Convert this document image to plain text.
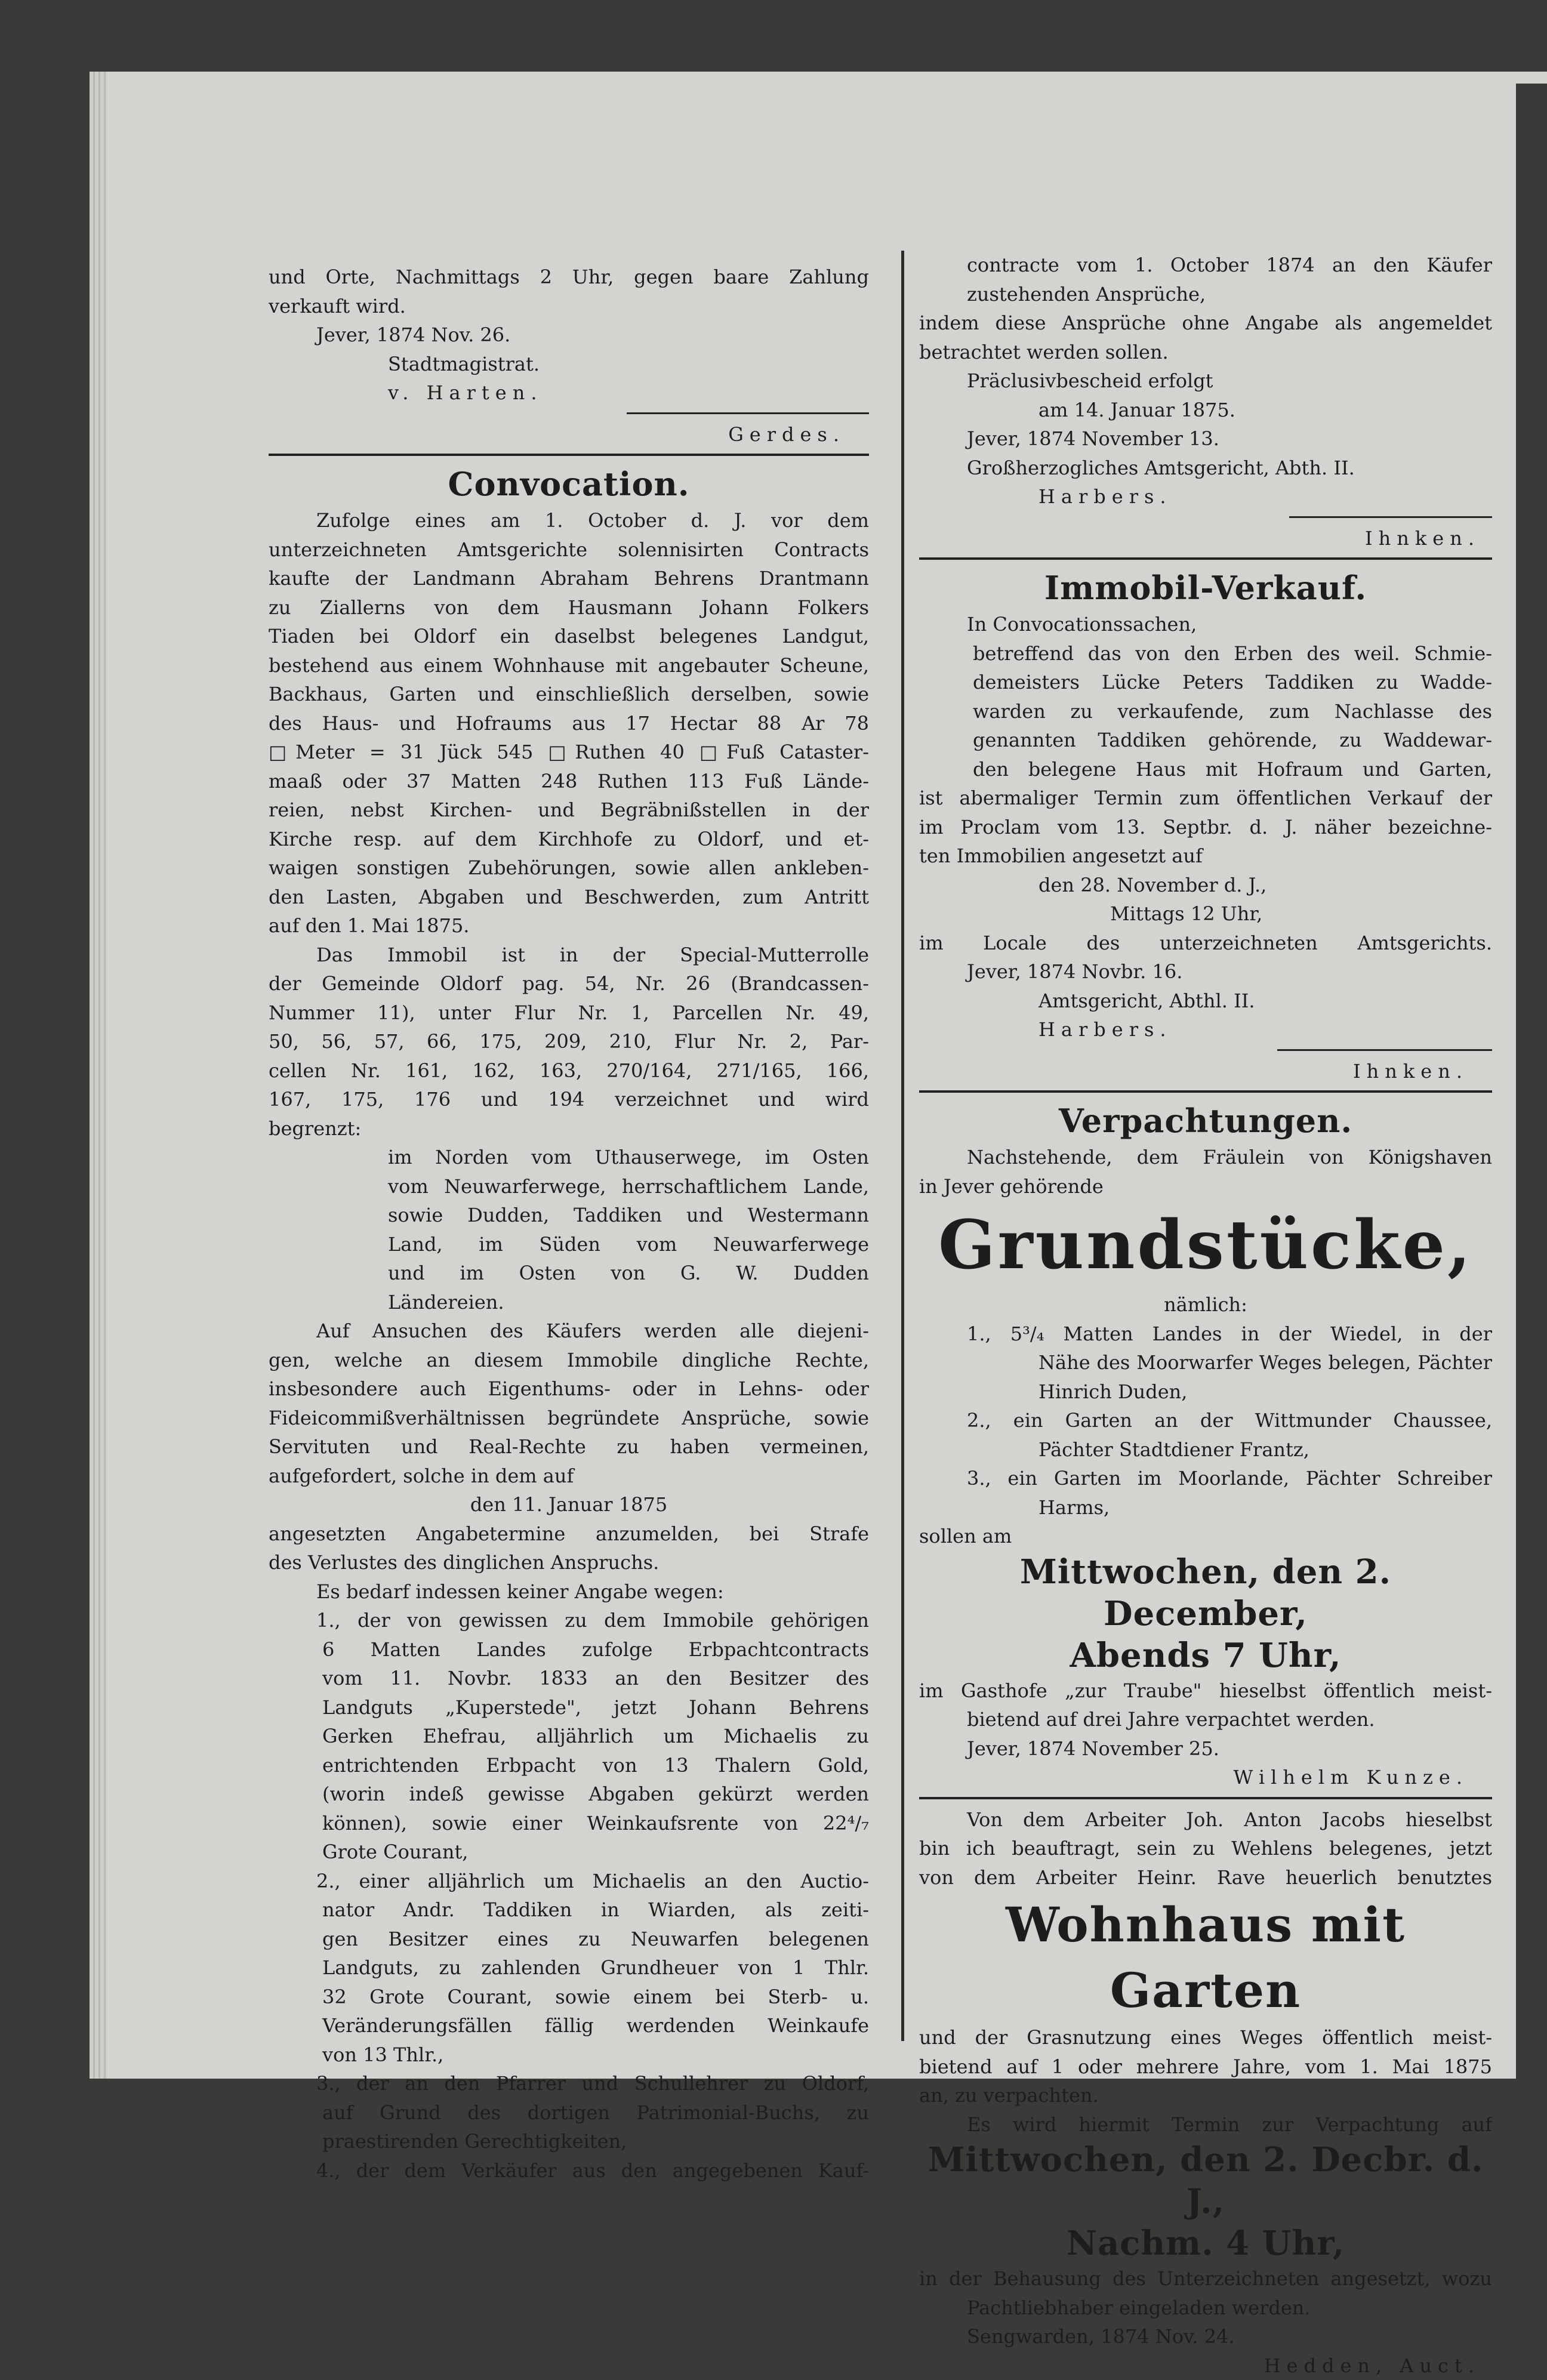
und Orte, Nachmittags 2 Uhr, gegen baare Zahlung
verkauft wird.
Jever, 1874 Nov. 26.
Stadtmagistrat.
v. Harten.
Gerdes.
Convocation.
Zufolge eines am 1. October d. J. vor dem
unterzeichneten Amtsgerichte solennisirten Contracts
kaufte der Landmann Abraham Behrens Drantmann
zu Ziallerns von dem Hausmann Johann Folkers
Tiaden bei Oldorf ein daselbst belegenes Landgut,
bestehend aus einem Wohnhause mit angebauter Scheune,
Backhaus, Garten und einschließlich derselben, sowie
des Haus- und Hofraums aus 17 Hectar 88 Ar 78
□Meter = 31 Jück 545 □Ruthen 40 □Fuß Cataster-
maaß oder 37 Matten 248 Ruthen 113 Fuß Lände-
reien, nebst Kirchen- und Begräbnißstellen in der
Kirche resp. auf dem Kirchhofe zu Oldorf, und et-
waigen sonstigen Zubehörungen, sowie allen ankleben-
den Lasten, Abgaben und Beschwerden, zum Antritt
auf den 1. Mai 1875.
Das Immobil ist in der Special-Mutterrolle
der Gemeinde Oldorf pag. 54, Nr. 26 (Brandcassen-
Nummer 11), unter Flur Nr. 1, Parcellen Nr. 49,
50, 56, 57, 66, 175, 209, 210, Flur Nr. 2, Par-
cellen Nr. 161, 162, 163, 270/164, 271/165, 166,
167, 175, 176 und 194 verzeichnet und wird
begrenzt:
im Norden vom Uthauserwege, im Osten
vom Neuwarferwege, herrschaftlichem Lande,
sowie Dudden, Taddiken und Westermann
Land, im Süden vom Neuwarferwege
und im Osten von G. W. Dudden
Ländereien.
Auf Ansuchen des Käufers werden alle diejeni-
gen, welche an diesem Immobile dingliche Rechte,
insbesondere auch Eigenthums- oder in Lehns- oder
Fideicommißverhältnissen begründete Ansprüche, sowie
Servituten und Real-Rechte zu haben vermeinen,
aufgefordert, solche in dem auf
den 11. Januar 1875
angesetzten Angabetermine anzumelden, bei Strafe
des Verlustes des dinglichen Anspruchs.
Es bedarf indessen keiner Angabe wegen:
1., der von gewissen zu dem Immobile gehörigen
6 Matten Landes zufolge Erbpachtcontracts
vom 11. Novbr. 1833 an den Besitzer des
Landguts „Kuperstede", jetzt Johann Behrens
Gerken Ehefrau, alljährlich um Michaelis zu
entrichtenden Erbpacht von 13 Thalern Gold,
(worin indeß gewisse Abgaben gekürzt werden
können), sowie einer Weinkaufsrente von 22⁴/₇
Grote Courant,
2., einer alljährlich um Michaelis an den Auctio-
nator Andr. Taddiken in Wiarden, als zeiti-
gen Besitzer eines zu Neuwarfen belegenen
Landguts, zu zahlenden Grundheuer von 1 Thlr.
32 Grote Courant, sowie einem bei Sterb- u.
Veränderungsfällen fällig werdenden Weinkaufe
von 13 Thlr.,
3., der an den Pfarrer und Schullehrer zu Oldorf,
auf Grund des dortigen Patrimonial-Buchs, zu
praestirenden Gerechtigkeiten,
4., der dem Verkäufer aus den angegebenen Kauf-
contracte vom 1. October 1874 an den Käufer
zustehenden Ansprüche,
indem diese Ansprüche ohne Angabe als angemeldet
betrachtet werden sollen.
Präclusivbescheid erfolgt
am 14. Januar 1875.
Jever, 1874 November 13.
Großherzogliches Amtsgericht, Abth. II.
Harbers.
Ihnken.
Immobil-Verkauf.
In Convocationssachen,
betreffend das von den Erben des weil. Schmie-
demeisters Lücke Peters Taddiken zu Wadde-
warden zu verkaufende, zum Nachlasse des
genannten Taddiken gehörende, zu Waddewar-
den belegene Haus mit Hofraum und Garten,
ist abermaliger Termin zum öffentlichen Verkauf der
im Proclam vom 13. Septbr. d. J. näher bezeichne-
ten Immobilien angesetzt auf
den 28. November d. J.,
Mittags 12 Uhr,
im Locale des unterzeichneten Amtsgerichts.
Jever, 1874 Novbr. 16.
Amtsgericht, Abthl. II.
Harbers.
Ihnken.
Verpachtungen.
Nachstehende, dem Fräulein von Königshaven
in Jever gehörende
Grundstücke,
nämlich:
1., 5³/₄ Matten Landes in der Wiedel, in der
Nähe des Moorwarfer Weges belegen, Pächter
Hinrich Duden,
2., ein Garten an der Wittmunder Chaussee,
Pächter Stadtdiener Frantz,
3., ein Garten im Moorlande, Pächter Schreiber
Harms,
sollen am
Mittwochen, den 2. December,
Abends 7 Uhr,
im Gasthofe „zur Traube" hieselbst öffentlich meist-
bietend auf drei Jahre verpachtet werden.
Jever, 1874 November 25.
Wilhelm Kunze.
Von dem Arbeiter Joh. Anton Jacobs hieselbst
bin ich beauftragt, sein zu Wehlens belegenes, jetzt
von dem Arbeiter Heinr. Rave heuerlich benutztes
Wohnhaus mit Garten
und der Grasnutzung eines Weges öffentlich meist-
bietend auf 1 oder mehrere Jahre, vom 1. Mai 1875
an, zu verpachten.
Es wird hiermit Termin zur Verpachtung auf
Mittwochen, den 2. Decbr. d. J.,
Nachm. 4 Uhr,
in der Behausung des Unterzeichneten angesetzt, wozu
Pachtliebhaber eingeladen werden.
Sengwarden, 1874 Nov. 24.
Hedden, Auct.
